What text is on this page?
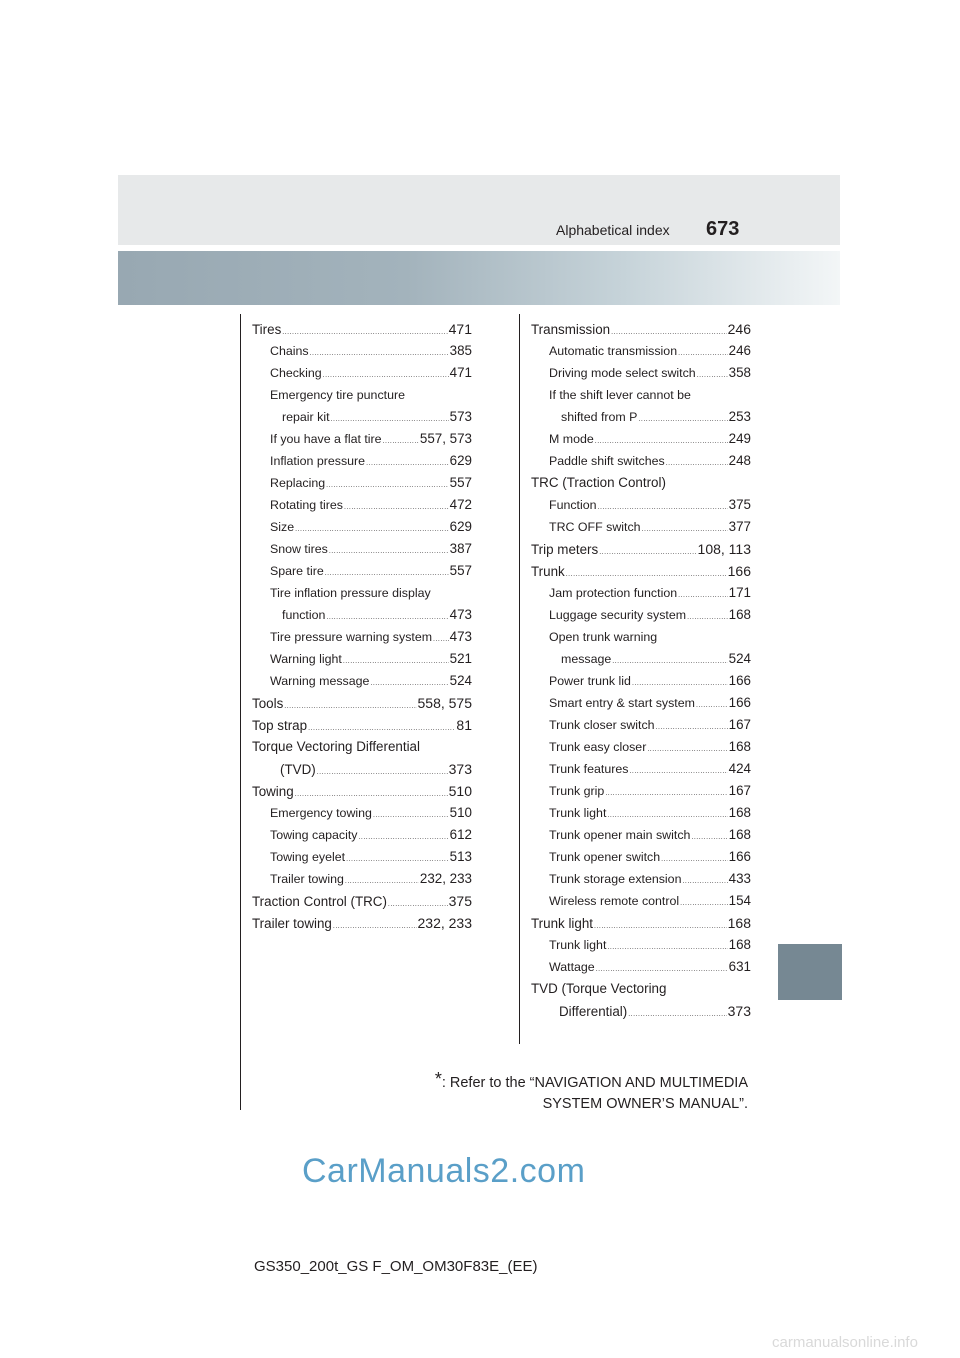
Alphabetical index 673
Tires .....	471
Chains .....	385
Checking .....	471
Emergency tire puncture
repair kit .....	573
If you have a flat tire .....	557, 573
Inflation pressure .....	629
Replacing .....	557
Rotating tires .....	472
Size .....	629
Snow tires .....	387
Spare tire .....	557
Tire inflation pressure display
function .....	473
Tire pressure warning system ..... 473
Warning light .....	521
Warning message .....	524
Tools .....	558, 575
Top strap .....	81
Torque Vectoring Differential
(TVD) .....	373
Towing .....	510
Emergency towing .....	510
Towing capacity .....	612
Towing eyelet .....	513
Trailer towing .....	232, 233
Traction Control (TRC) .....	375
Trailer towing .....	232, 233
Transmission .....	246
Automatic transmission .....	246
Driving mode select switch ..... 358
If the shift lever cannot be
shifted from P .....	253
M mode .....	249
Paddle shift switches .....	248
TRC (Traction Control)
Function .....	375
TRC OFF switch .....	377
Trip meters .....	108, 113
Trunk .....	166
Jam protection function .....	171
Luggage security system .....	168
Open trunk warning
message .....	524
Power trunk lid .....	166
Smart entry & start system .....	166
Trunk closer switch .....	167
Trunk easy closer .....	168
Trunk features .....	424
Trunk grip .....	167
Trunk light .....	168
Trunk opener main switch .....	168
Trunk opener switch .....	166
Trunk storage extension .....	433
Wireless remote control .....	154
Trunk light .....	168
Trunk light .....	168
Wattage .....	631
TVD (Torque Vectoring
Differential) .....	373
*: Refer to the “NAVIGATION AND MULTIMEDIA
SYSTEM OWNER’S MANUAL”.
CarManuals2.com
GS350_200t_GS F_OM_OM30F83E_(EE)
carmanualsonline.info
